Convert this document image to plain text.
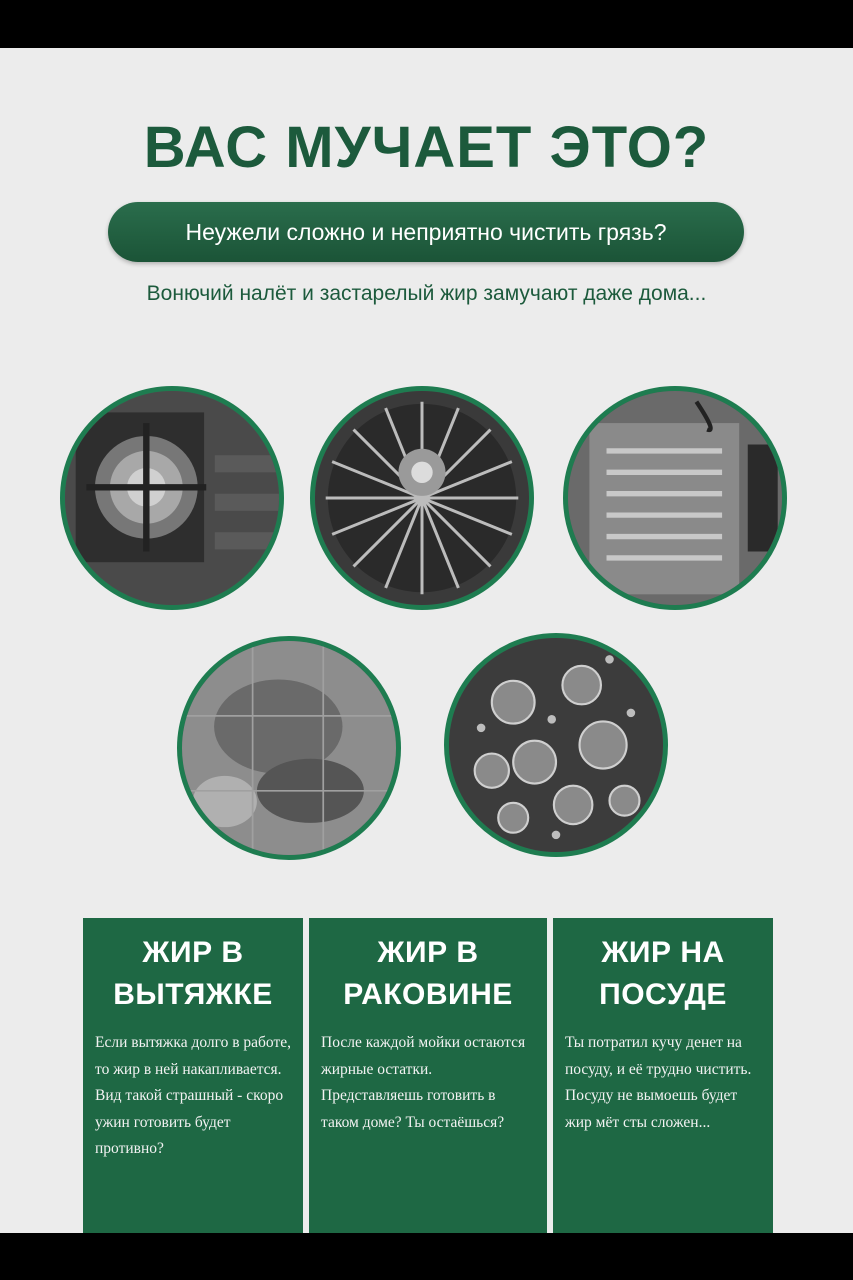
ВАС МУЧАЕТ ЭТО?
Неужели сложно и неприятно чистить грязь?
Вонючий налёт и застарелый жир замучают даже дома...
ЖИР В
ВЫТЯЖКЕ

Если вытяжка долго в работе, то жир в ней накапливается. Вид такой страшный - скоро ужин готовить будет противно?

ЖИР В
РАКОВИНЕ

После каждой мойки остаются жирные остатки. Представляешь готовить в таком доме? Ты остаёшься?

ЖИР НА
ПОСУДЕ

Ты потратил кучу денет на посуду, и её трудно чистить. Посуду не вымоешь будет жир мёт сты сложен...
